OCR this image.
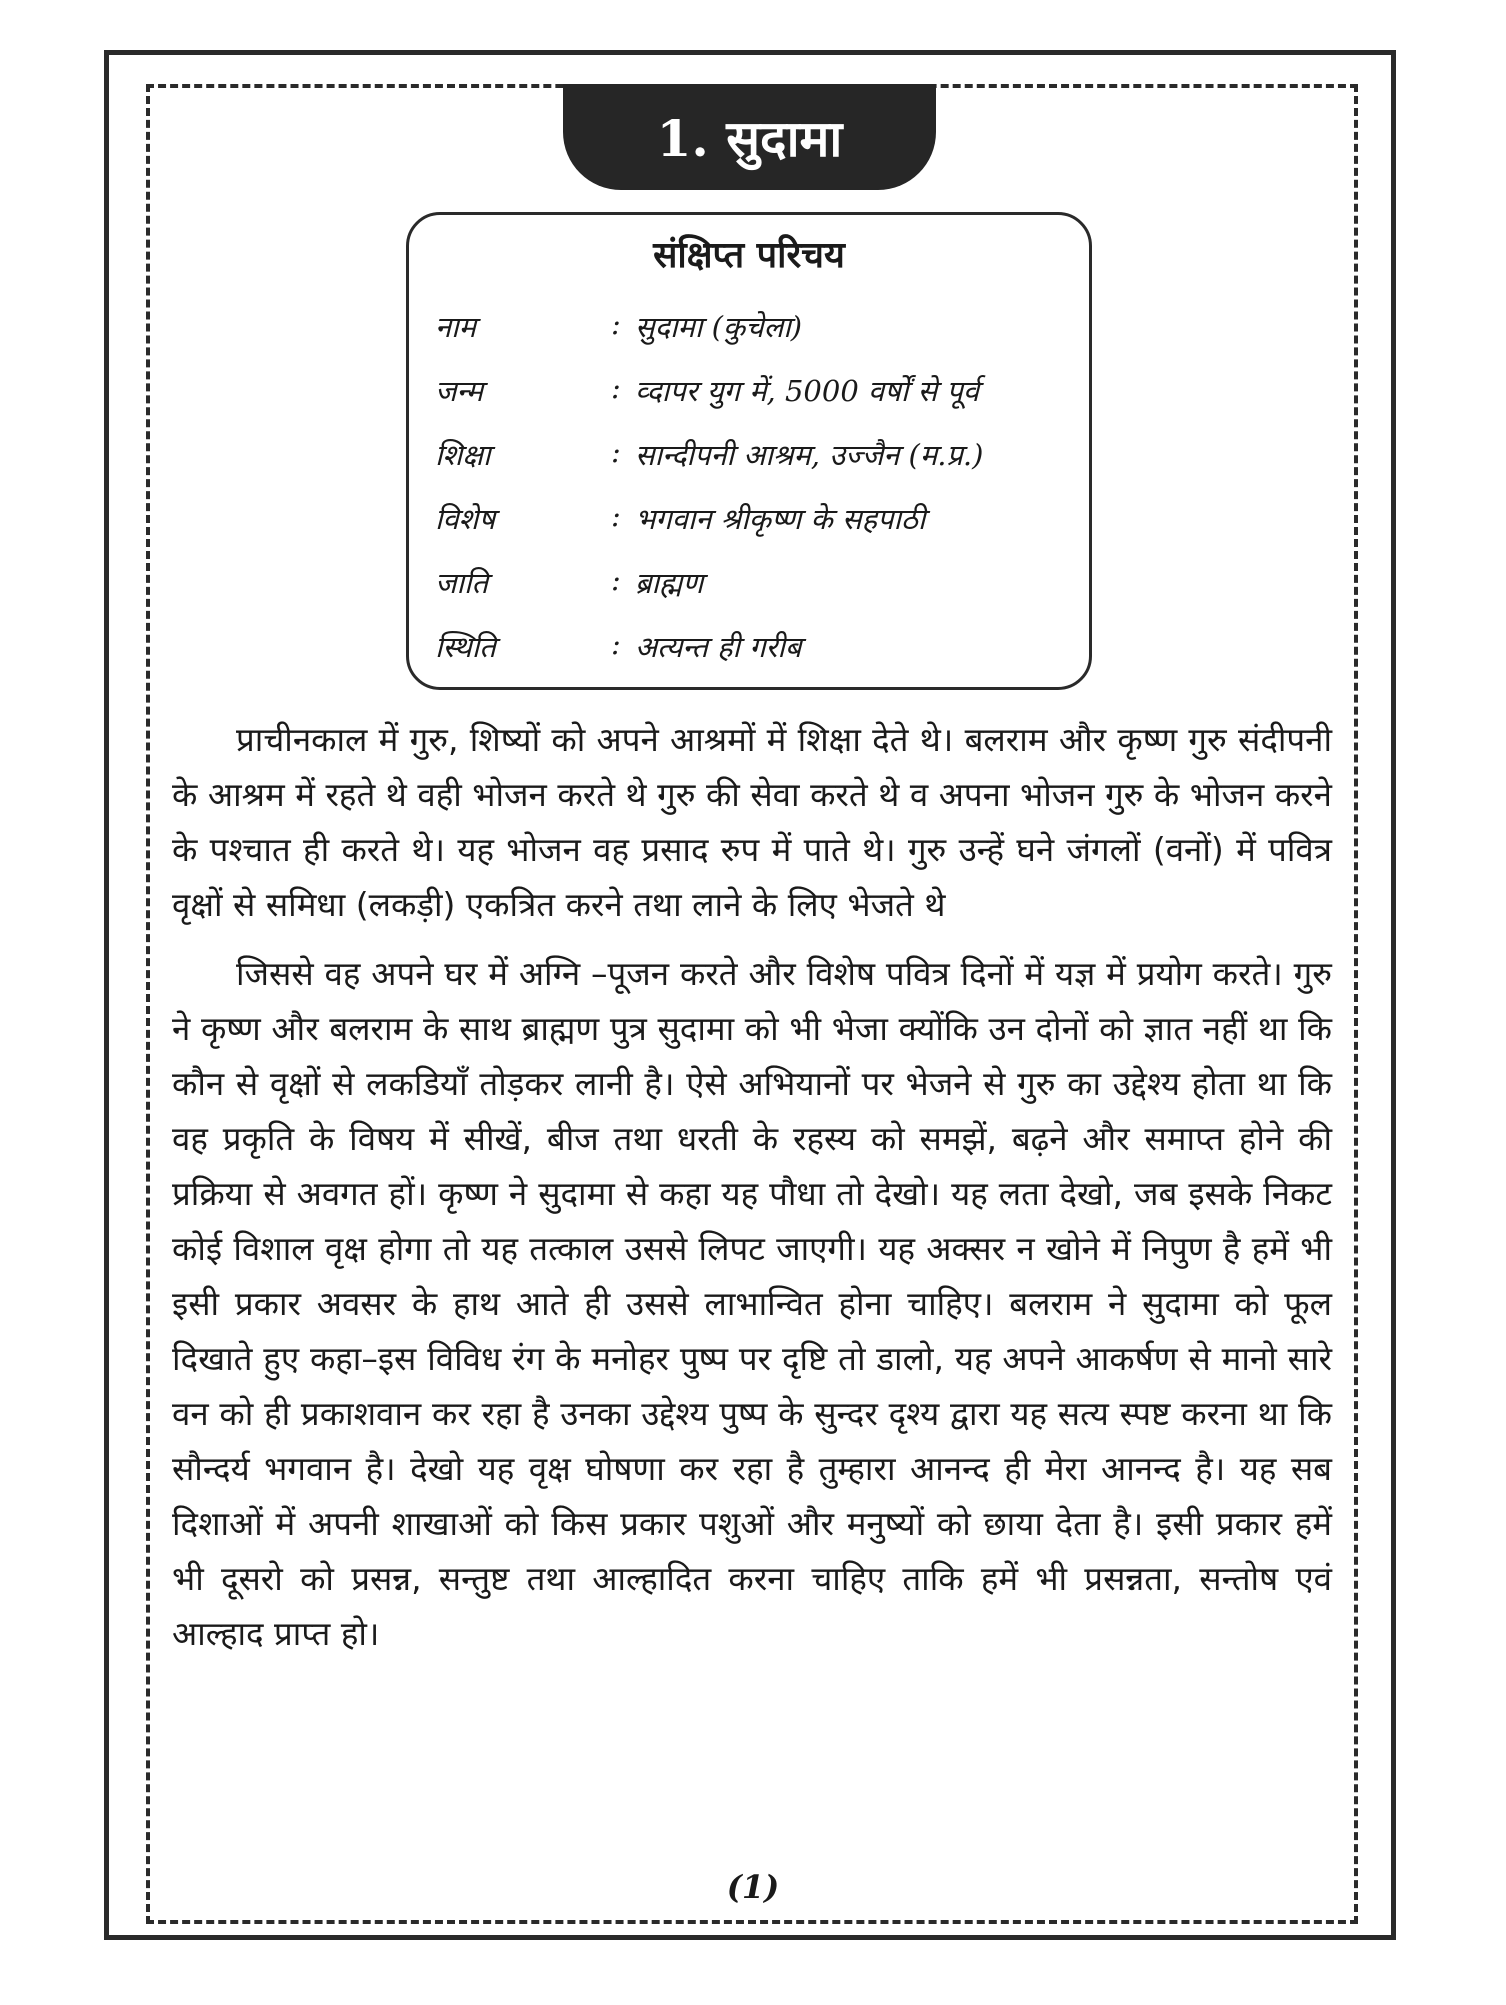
1. सुदामा
संक्षिप्त परिचय
नाम	: सुदामा (कुचेला)
जन्म	: व्दापर युग में, 5000 वर्षों से पूर्व
शिक्षा	: सान्दीपनी आश्रम, उज्जैन (म.प्र.)
विशेष	: भगवान श्रीकृष्ण के सहपाठी
जाति	: ब्राह्मण
स्थिति	: अत्यन्त ही गरीब

प्राचीनकाल में गुरु, शिष्यों को अपने आश्रमों में शिक्षा देते थे। बलराम और कृष्ण गुरु संदीपनी के आश्रम में रहते थे वही भोजन करते थे गुरु की सेवा करते थे व अपना भोजन गुरु के भोजन करने के पश्चात ही करते थे। यह भोजन वह प्रसाद रुप में पाते थे। गुरु उन्हें घने जंगलों (वनों) में पवित्र वृक्षों से समिधा (लकड़ी) एकत्रित करने तथा लाने के लिए भेजते थे

जिससे वह अपने घर में अग्नि –पूजन करते और विशेष पवित्र दिनों में यज्ञ में प्रयोग करते। गुरु ने कृष्ण और बलराम के साथ ब्राह्मण पुत्र सुदामा को भी भेजा क्योंकि उन दोनों को ज्ञात नहीं था कि कौन से वृक्षों से लकडियाँ तोड़कर लानी है। ऐसे अभियानों पर भेजने से गुरु का उद्देश्य होता था कि वह प्रकृति के विषय में सीखें, बीज तथा धरती के रहस्य को समझें, बढ़ने और समाप्त होने की प्रक्रिया से अवगत हों। कृष्ण ने सुदामा से कहा यह पौधा तो देखो। यह लता देखो, जब इसके निकट कोई विशाल वृक्ष होगा तो यह तत्काल उससे लिपट जाएगी। यह अक्सर न खोने में निपुण है हमें भी इसी प्रकार अवसर के हाथ आते ही उससे लाभान्वित होना चाहिए। बलराम ने सुदामा को फूल दिखाते हुए कहा–इस विविध रंग के मनोहर पुष्प पर दृष्टि तो डालो, यह अपने आकर्षण से मानो सारे वन को ही प्रकाशवान कर रहा है उनका उद्देश्य पुष्प के सुन्दर दृश्य द्वारा यह सत्य स्पष्ट करना था कि सौन्दर्य भगवान है। देखो यह वृक्ष घोषणा कर रहा है तुम्हारा आनन्द ही मेरा आनन्द है। यह सब दिशाओं में अपनी शाखाओं को किस प्रकार पशुओं और मनुष्यों को छाया देता है। इसी प्रकार हमें भी दूसरो को प्रसन्न, सन्तुष्ट तथा आल्हादित करना चाहिए ताकि हमें भी प्रसन्नता, सन्तोष एवं आल्हाद प्राप्त हो।

(1)
